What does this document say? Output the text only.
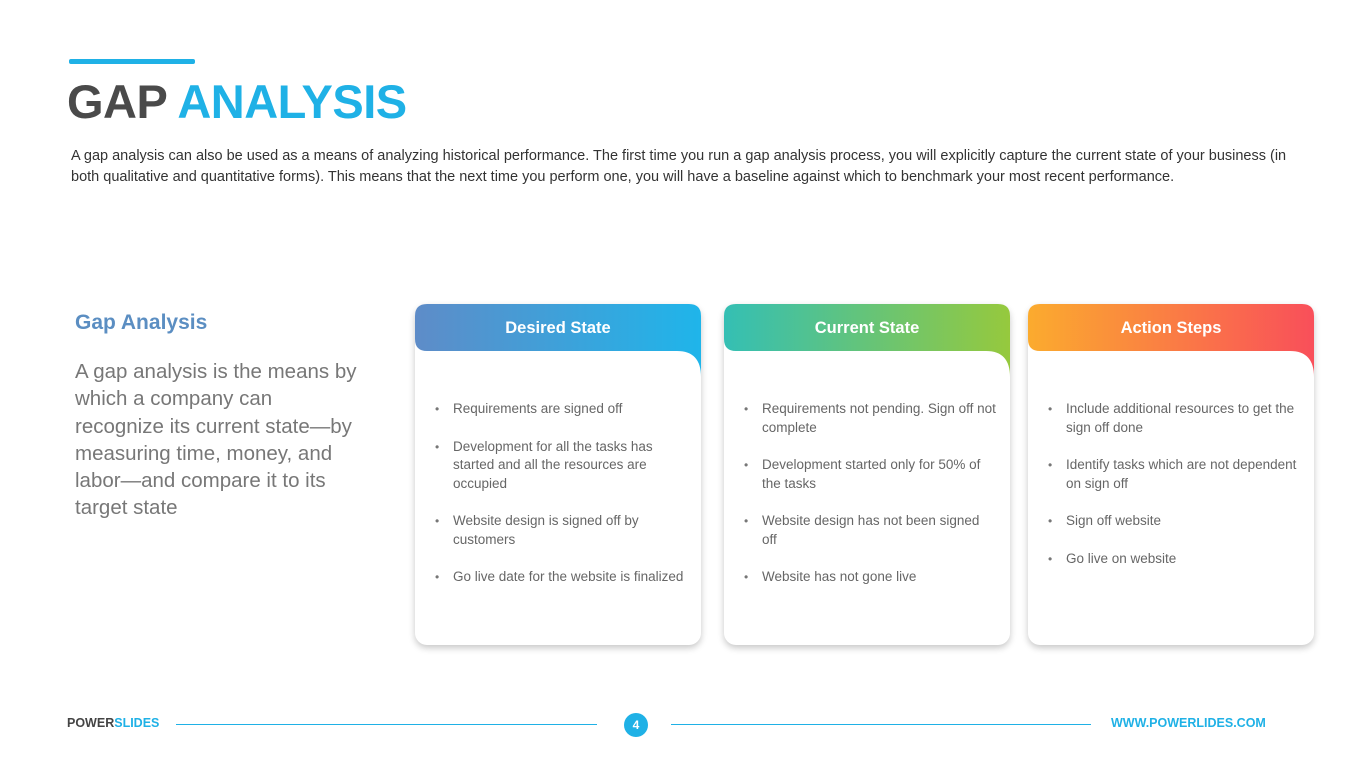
GAP ANALYSIS

A gap analysis can also be used as a means of analyzing historical performance. The first time you run a gap analysis process, you will explicitly capture the current state of your business (in both qualitative and quantitative forms). This means that the next time you perform one, you will have a baseline against which to benchmark your most recent performance.

Gap Analysis

A gap analysis is the means by which a company can recognize its current state—by measuring time, money, and labor—and compare it to its target state

Desired State
• Requirements are signed off
• Development for all the tasks has started and all the resources are occupied
• Website design is signed off by customers
• Go live date for the website is finalized
Current State
• Requirements not pending. Sign off not complete
• Development started only for 50% of the tasks
• Website design has not been signed off
• Website has not gone live
Action Steps
• Include additional resources to get the sign off done
• Identify tasks which are not dependent on sign off
• Sign off website
• Go live on website
POWERSLIDES	4	WWW.POWERLIDES.COM
